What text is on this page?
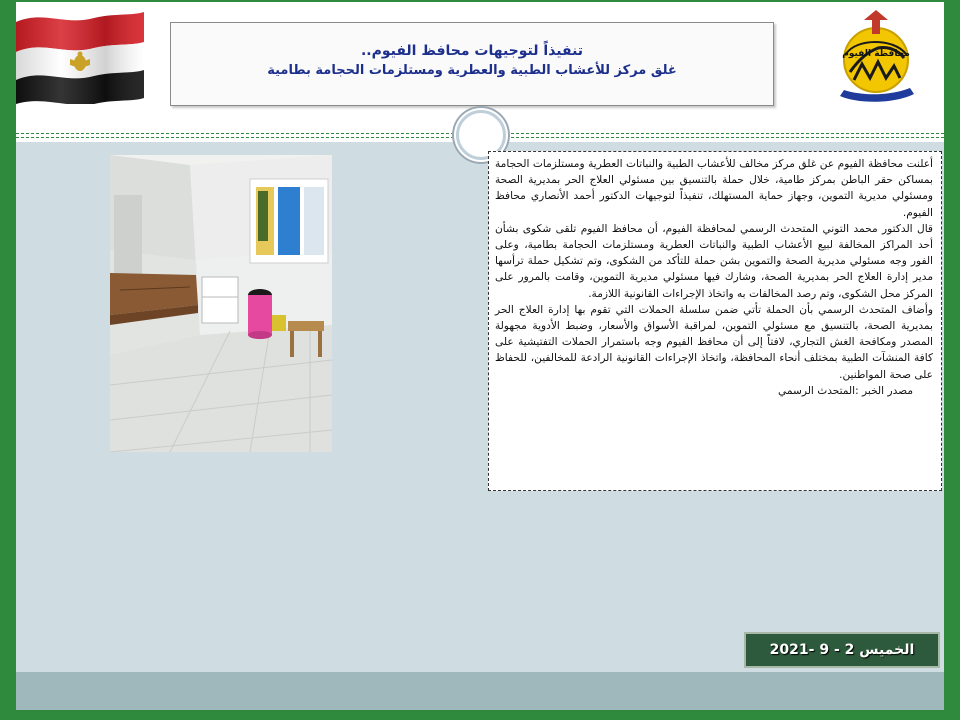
محافظة الفيوم
تنفيذاً لتوجيهات محافظ الفيوم..
غلق مركز للأعشاب الطبية والعطرية ومستلزمات الحجامة بطامية

أعلنت محافظة الفيوم عن غلق مركز مخالف للأعشاب الطبية والنباتات العطرية ومستلزمات الحجامة بمساكن حقر الباطن بمركز طامية، خلال حملة بالتنسيق بين مسئولي العلاج الحر بمديرية الصحة ومسئولي مديرية التموين، وجهاز حماية المستهلك، تنفيذاً لتوجيهات الدكتور أحمد الأنصاري محافظ الفيوم.

قال الدكتور محمد التوني المتحدث الرسمي لمحافظة الفيوم، أن محافظ الفيوم تلقى شكوى بشأن أحد المراكز المخالفة لبيع الأعشاب الطبية والنباتات العطرية ومستلزمات الحجامة بطامية، وعلى الفور وجه مسئولي مديرية الصحة والتموين بشن حملة للتأكد من الشكوى، وتم تشكيل حملة ترأسها مدير إدارة العلاج الحر بمديرية الصحة، وشارك فيها مسئولي مديرية التموين، وقامت بالمرور على المركز محل الشكوى، وتم رصد المخالفات به واتخاذ الإجراءات القانونية اللازمة.

وأضاف المتحدث الرسمي بأن الحملة تأتي ضمن سلسلة الحملات التي تقوم بها إدارة العلاج الحر بمديرية الصحة، بالتنسيق مع مسئولي التموين، لمراقبة الأسواق والأسعار، وضبط الأدوية مجهولة المصدر ومكافحة الغش التجاري، لافتاً إلى أن محافظ الفيوم وجه باستمرار الحملات التفتيشية على كافة المنشآت الطبية بمختلف أنحاء المحافظة، واتخاذ الإجراءات القانونية الرادعة للمخالفين، للحفاظ على صحة المواطنين.

مصدر الخبر :المتحدث الرسمي

الخميس 2 - 9 -2021
